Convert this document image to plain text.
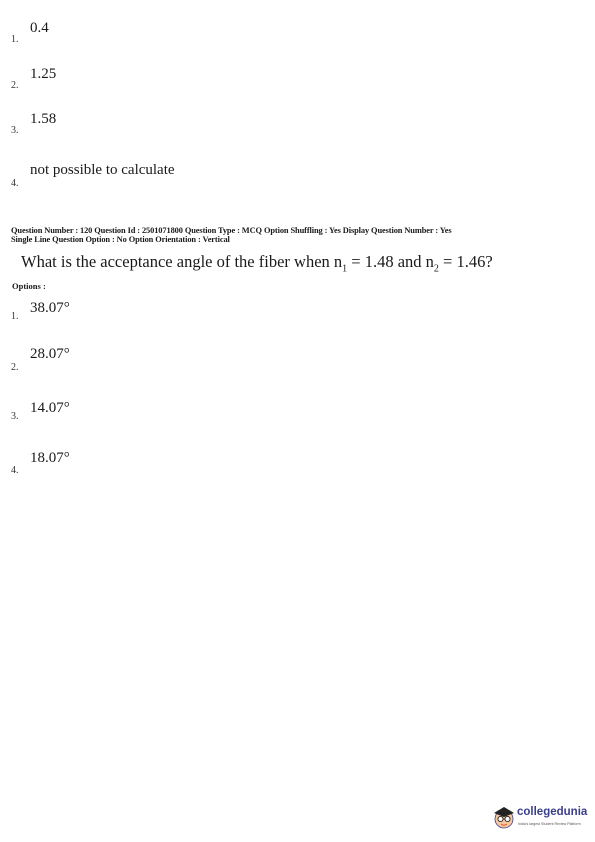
0.4
1.
1.25
2.
1.58
3.
not possible to calculate
4.
Question Number : 120 Question Id : 2501071800 Question Type : MCQ Option Shuffling : Yes Display Question Number : Yes
Single Line Question Option : No Option Orientation : Vertical
What is the acceptance angle of the fiber when $n_1 = 1.48$ and $n_2 = 1.46$?
Options :
38.07°
1.
28.07°
2.
14.07°
3.
18.07°
4.
collegedunia
India's largest Student Review Platform
